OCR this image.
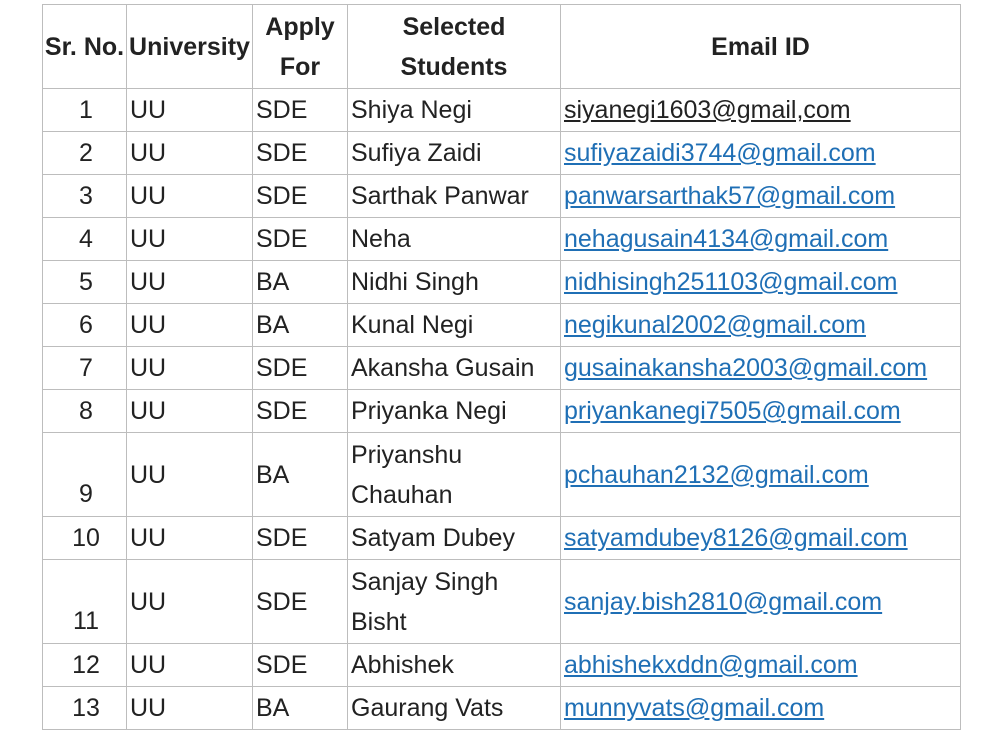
Sr. No.	University	Apply For	Selected Students	Email ID
1	UU	SDE	Shiya Negi	siyanegi1603@gmail,com
2	UU	SDE	Sufiya Zaidi	sufiyazaidi3744@gmail.com
3	UU	SDE	Sarthak Panwar	panwarsarthak57@gmail.com
4	UU	SDE	Neha	nehagusain4134@gmail.com
5	UU	BA	Nidhi Singh	nidhisingh251103@gmail.com
6	UU	BA	Kunal Negi	negikunal2002@gmail.com
7	UU	SDE	Akansha Gusain	gusainakansha2003@gmail.com
8	UU	SDE	Priyanka Negi	priyankanegi7505@gmail.com
9	UU	BA	Priyanshu Chauhan	pchauhan2132@gmail.com
10	UU	SDE	Satyam Dubey	satyamdubey8126@gmail.com
11	UU	SDE	Sanjay Singh Bisht	sanjay.bish2810@gmail.com
12	UU	SDE	Abhishek	abhishekxddn@gmail.com
13	UU	BA	Gaurang Vats	munnyvats@gmail.com
